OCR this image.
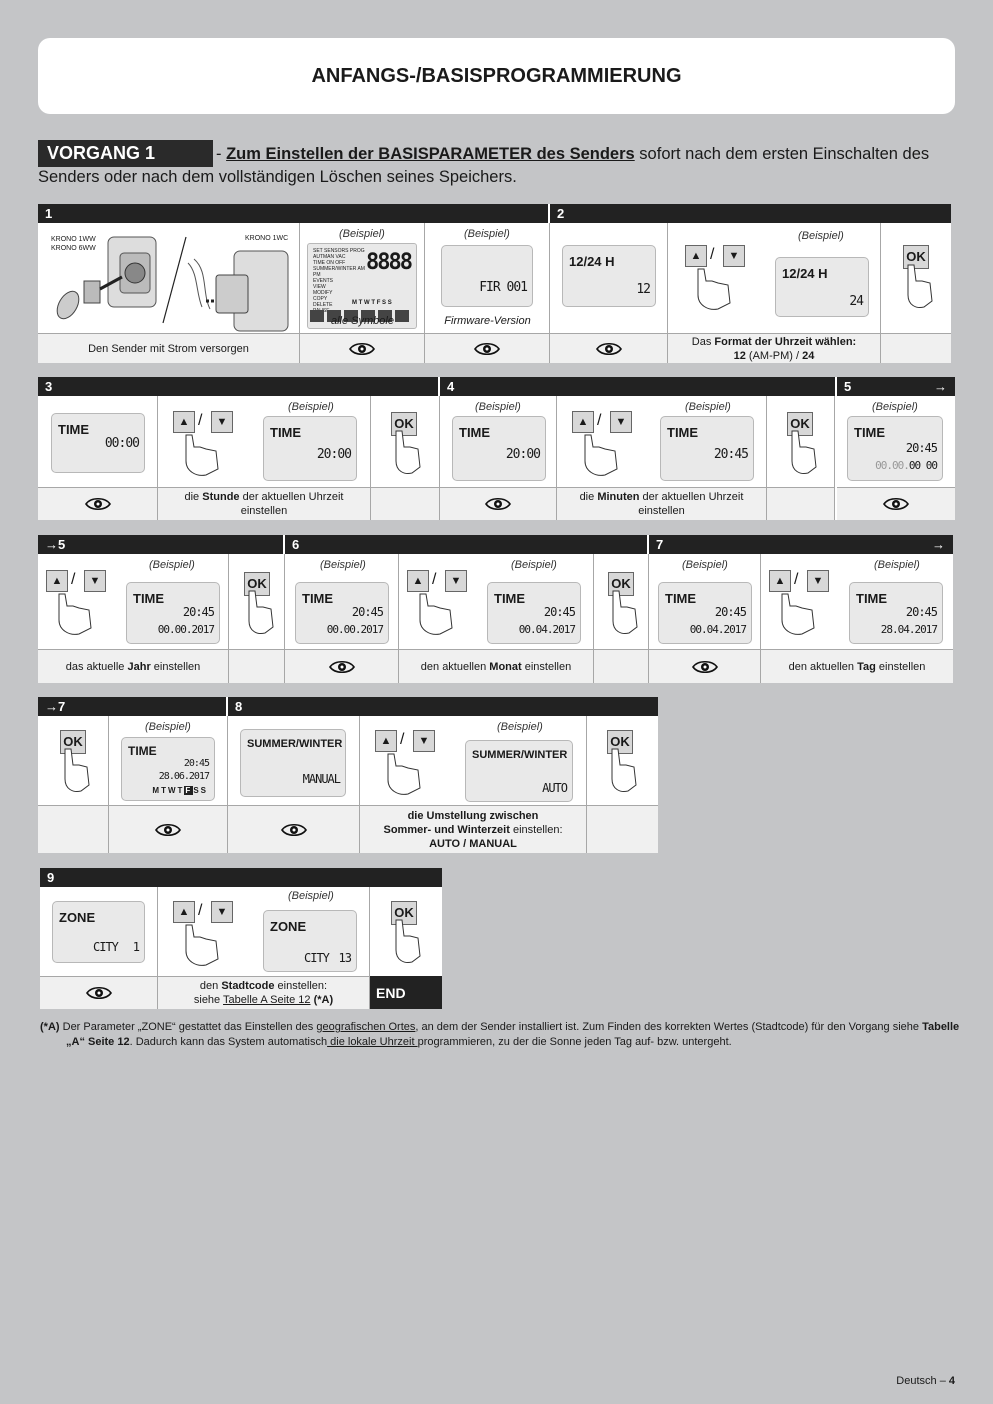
ANFANGS-/BASISPROGRAMMIERUNG
VORGANG 1	- Zum Einstellen der BASISPARAMETER des Senders sofort nach dem ersten Einschalten des Senders oder nach dem vollständigen Löschen seines Speichers.
1	2
KRONO 1WW
KRONO 6WW
KRONO 1WC	(Beispiel)
SET SENSORS PROG AUTMAN VAC
TIME ON OFF
SUMMER/WINTER AM PM
EVENTS
VIEW
MODIFY
COPY
DELETE

8888
M T W T F S S
alle Symbole
(Beispiel)
FIR 001
Firmware-Version
12/24 H
12
(Beispiel)
▲ /	▼
12/24 H
24
OK
Den Sender mit Strom versorgen
Das Format der Uhrzeit wählen:
12 (AM-PM) / 24
3	4	5	→
TIME
00:00
(Beispiel)
▲ /	▼
TIME
20:00
OK
(Beispiel)
TIME
20:00
(Beispiel)
▲ /	▼
TIME
20:45
OK
(Beispiel)
TIME
20:45
00.00.00 00
die Stunde der aktuellen Uhrzeit einstellen
die Minuten der aktuellen Uhrzeit einstellen
→5	6	7	→
(Beispiel)
▲ /	▼
TIME
20:45
00.00.2017
OK
(Beispiel)
TIME
20:45
00.00.2017
(Beispiel)
▲ /	▼
TIME
20:45
00.04.2017
OK
(Beispiel)
TIME
20:45
00.04.2017
(Beispiel)
▲ /	▼
TIME
20:45
28.04.2017
das aktuelle Jahr einstellen	den aktuellen Monat einstellen	den aktuellen Tag einstellen
→7	8
OK
(Beispiel)
TIME
20:45
28.06.2017
MTWTFSS
SUMMER/WINTER
MANUAL
(Beispiel)
▲ /	▼
SUMMER/WINTER
AUTO
OK
die Umstellung zwischen
Sommer- und Winterzeit einstellen:
AUTO / MANUAL
9
ZONE
CITY 1
(Beispiel)
▲ /	▼
ZONE
CITY 13
OK
den Stadtcode einstellen:
siehe Tabelle A Seite 12 (*A)	END
(*A) Der Parameter „ZONE“ gestattet das Einstellen des geografischen Ortes, an dem der Sender installiert ist. Zum Finden des korrekten Wertes (Stadtcode) für den Vorgang siehe Tabelle „A“ Seite 12. Dadurch kann das System automatisch die lokale Uhrzeit programmieren, zu der die Sonne jeden Tag auf- bzw. untergeht.
Deutsch – 4
